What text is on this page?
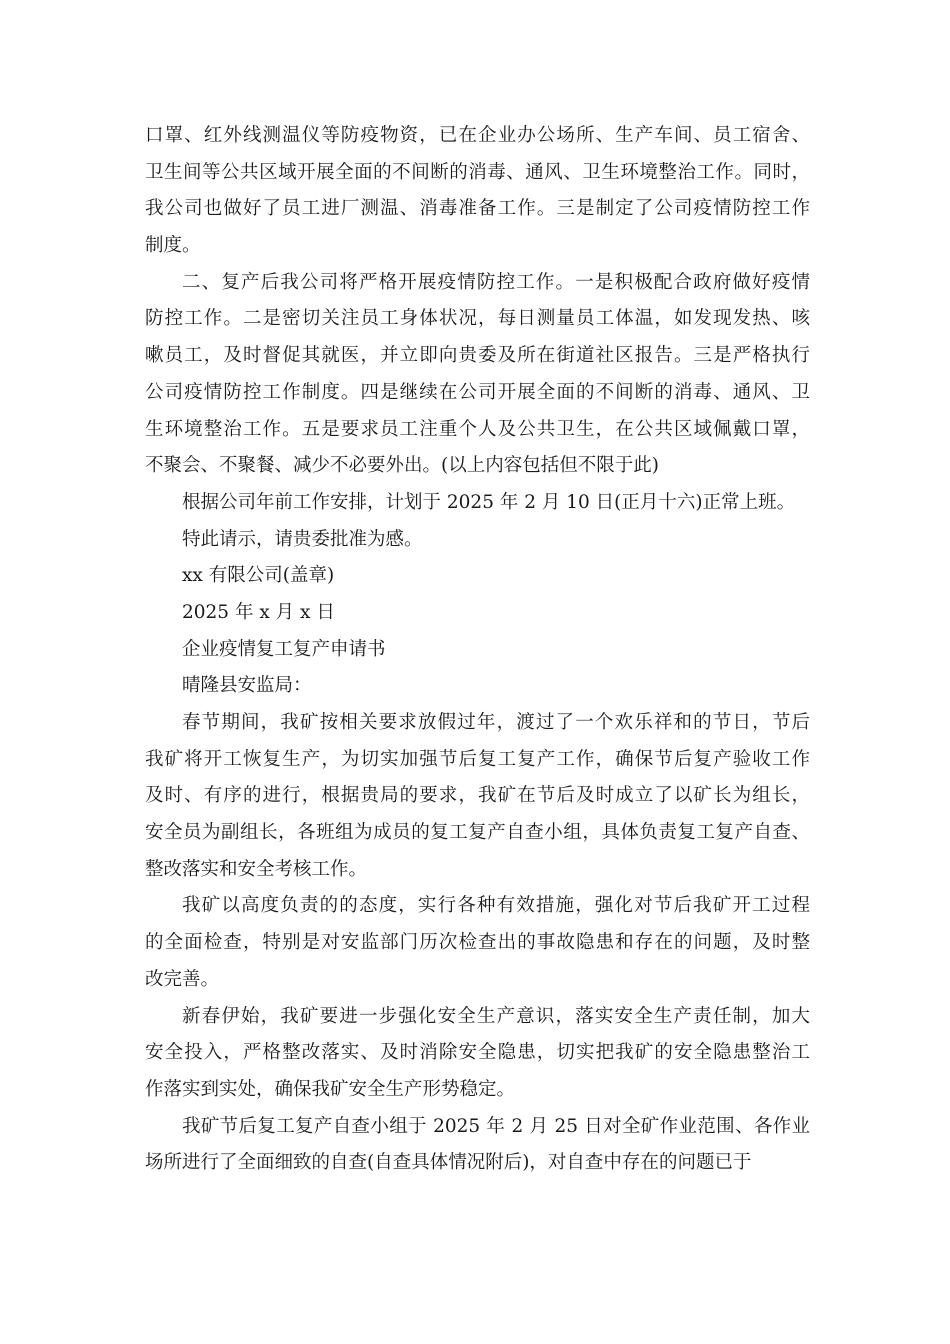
口罩、红外线测温仪等防疫物资，已在企业办公场所、生产车间、员工宿舍、
卫生间等公共区域开展全面的不间断的消毒、通风、卫生环境整治工作。同时，
我公司也做好了员工进厂测温、消毒准备工作。三是制定了公司疫情防控工作
制度。
二、复产后我公司将严格开展疫情防控工作。一是积极配合政府做好疫情
防控工作。二是密切关注员工身体状况，每日测量员工体温，如发现发热、咳
嗽员工，及时督促其就医，并立即向贵委及所在街道社区报告。三是严格执行
公司疫情防控工作制度。四是继续在公司开展全面的不间断的消毒、通风、卫
生环境整治工作。五是要求员工注重个人及公共卫生，在公共区域佩戴口罩，
不聚会、不聚餐、减少不必要外出。(以上内容包括但不限于此)
根据公司年前工作安排，计划于 2025 年 2 月 10 日(正月十六)正常上班。
特此请示，请贵委批准为感。
xx 有限公司(盖章)
2025 年 x 月 x 日
企业疫情复工复产申请书
晴隆县安监局：
春节期间，我矿按相关要求放假过年，渡过了一个欢乐祥和的节日，节后
我矿将开工恢复生产，为切实加强节后复工复产工作，确保节后复产验收工作
及时、有序的进行，根据贵局的要求，我矿在节后及时成立了以矿长为组长，
安全员为副组长，各班组为成员的复工复产自查小组，具体负责复工复产自查、
整改落实和安全考核工作。
我矿以高度负责的的态度，实行各种有效措施，强化对节后我矿开工过程
的全面检查，特别是对安监部门历次检查出的事故隐患和存在的问题，及时整
改完善。
新春伊始，我矿要进一步强化安全生产意识，落实安全生产责任制，加大
安全投入，严格整改落实、及时消除安全隐患，切实把我矿的安全隐患整治工
作落实到实处，确保我矿安全生产形势稳定。
我矿节后复工复产自查小组于 2025 年 2 月 25 日对全矿作业范围、各作业
场所进行了全面细致的自查(自查具体情况附后)，对自查中存在的问题已于
